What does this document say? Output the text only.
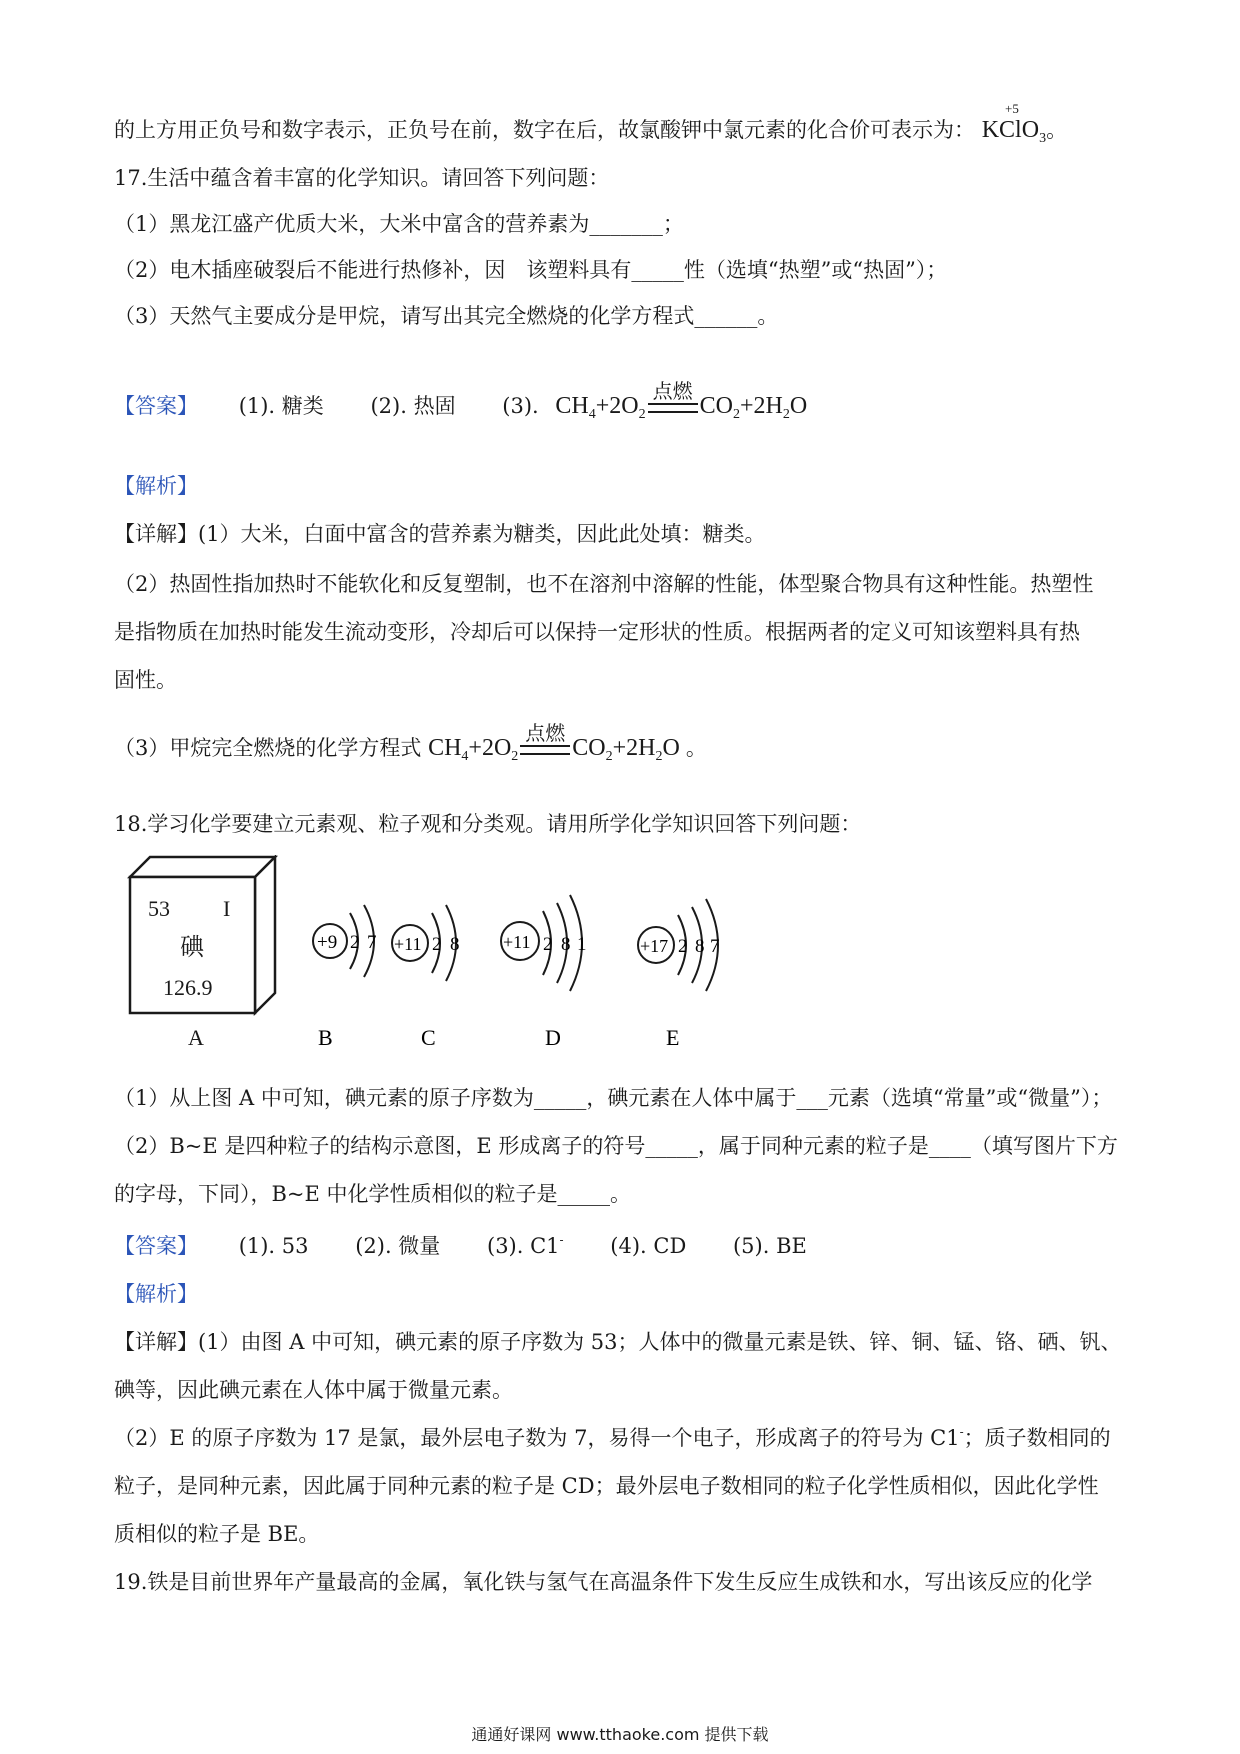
的上方用正负号和数字表示，正负号在前，数字在后，故氯酸钾中氯元素的化合价可表示为： K
+5
ClO$_3$。
17.生活中蕴含着丰富的化学知识。请回答下列问题：
（1）黑龙江盛产优质大米，大米中富含的营养素为_______；
（2）电木插座破裂后不能进行热修补，因　该塑料具有_____性（选填“热塑”或“热固”）；
（3）天然气主要成分是甲烷，请写出其完全燃烧的化学方程式______。
【答案】 (1). 糖类 (2). 热固 (3). $CH_4+2O_2$
点燃
$CO_2+2H_2O$
【解析】
【详解】(1）大米，白面中富含的营养素为糖类，因此此处填：糖类。
（2）热固性指加热时不能软化和反复塑制，也不在溶剂中溶解的性能，体型聚合物具有这种性能。热塑性
是指物质在加热时能发生流动变形，冷却后可以保持一定形状的性质。根据两者的定义可知该塑料具有热
固性。
（3）甲烷完全燃烧的化学方程式 $CH_4+2O_2$
点燃
$CO_2+2H_2O$ 。
18.学习化学要建立元素观、粒子观和分类观。请用所学化学知识回答下列问题：
53 I
碘
126.9
A
+9 2 7
B
+11 2 8
C
+11 2 8 1
D
+17 2 8 7
E
（1）从上图 A 中可知，碘元素的原子序数为_____，碘元素在人体中属于___元素（选填“常量”或“微量”）；
（2）B~E 是四种粒子的结构示意图，E 形成离子的符号_____，属于同种元素的粒子是____（填写图片下方
的字母，下同），B~E 中化学性质相似的粒子是_____。
【答案】 (1). 53 (2). 微量 (3). C1- (4). CD (5). BE
【解析】
【详解】(1）由图 A 中可知，碘元素的原子序数为 53；人体中的微量元素是铁、锌、铜、锰、铬、硒、钒、
碘等，因此碘元素在人体中属于微量元素。
（2）E 的原子序数为 17 是氯，最外层电子数为 7，易得一个电子，形成离子的符号为 C1-；质子数相同的
粒子，是同种元素，因此属于同种元素的粒子是 CD；最外层电子数相同的粒子化学性质相似，因此化学性
质相似的粒子是 BE。
19.铁是目前世界年产量最高的金属，氧化铁与氢气在高温条件下发生反应生成铁和水，写出该反应的化学
通通好课网 www.tthaoke.com 提供下载
